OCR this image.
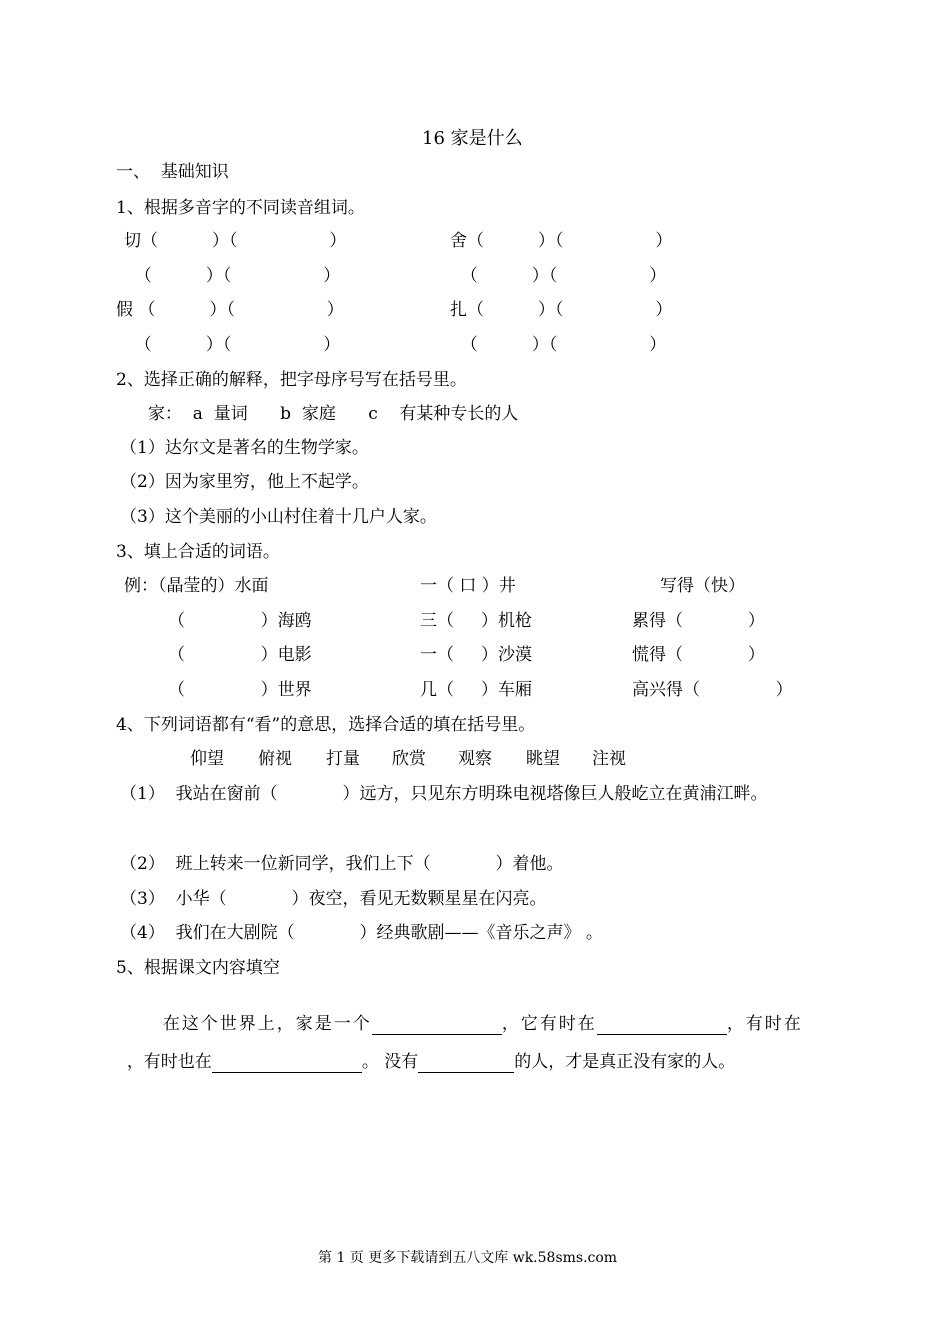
16 家是什么
一、  基础知识
1、根据多音字的不同读音组词。
切（          ）（                 ）	舍（          ）（                 ）
（          ）（                 ）	（          ）（                 ）
假 （          ）（                 ）	扎（          ）（                 ）
（          ）（                 ）	（          ）（                 ）
2、选择正确的解释，把字母序号写在括号里。
家：  a  量词      b  家庭      c    有某种专长的人
（1）达尔文是著名的生物学家。
（2）因为家里穷，他上不起学。
（3）这个美丽的小山村住着十几户人家。
3、填上合适的词语。
例：（晶莹的）水面	一（ 口 ）井	写得（快）
（              ）海鸥	三（     ）机枪	累得（            ）
（              ）电影	一（     ）沙漠	慌得（            ）
（              ）世界	几（     ）车厢	高兴得（              ）
4、下列词语都有“看”的意思，选择合适的填在括号里。
仰望 俯视 打量 欣赏 观察 眺望 注视
（1）  我站在窗前（            ）远方，只见东方明珠电视塔像巨人般屹立在黄浦江畔。
（2）  班上转来一位新同学，我们上下（            ）着他。
（3）  小华（            ）夜空，看见无数颗星星在闪亮。
（4）  我们在大剧院（            ）经典歌剧——《音乐之声》 。
5、根据课文内容填空

在这个世界上，家是一个	，它有时在	，有时在

，有时也在	。 没有	的人，才是真正没有家的人。

第 1 页 更多下载请到五八文库 wk.58sms.com
